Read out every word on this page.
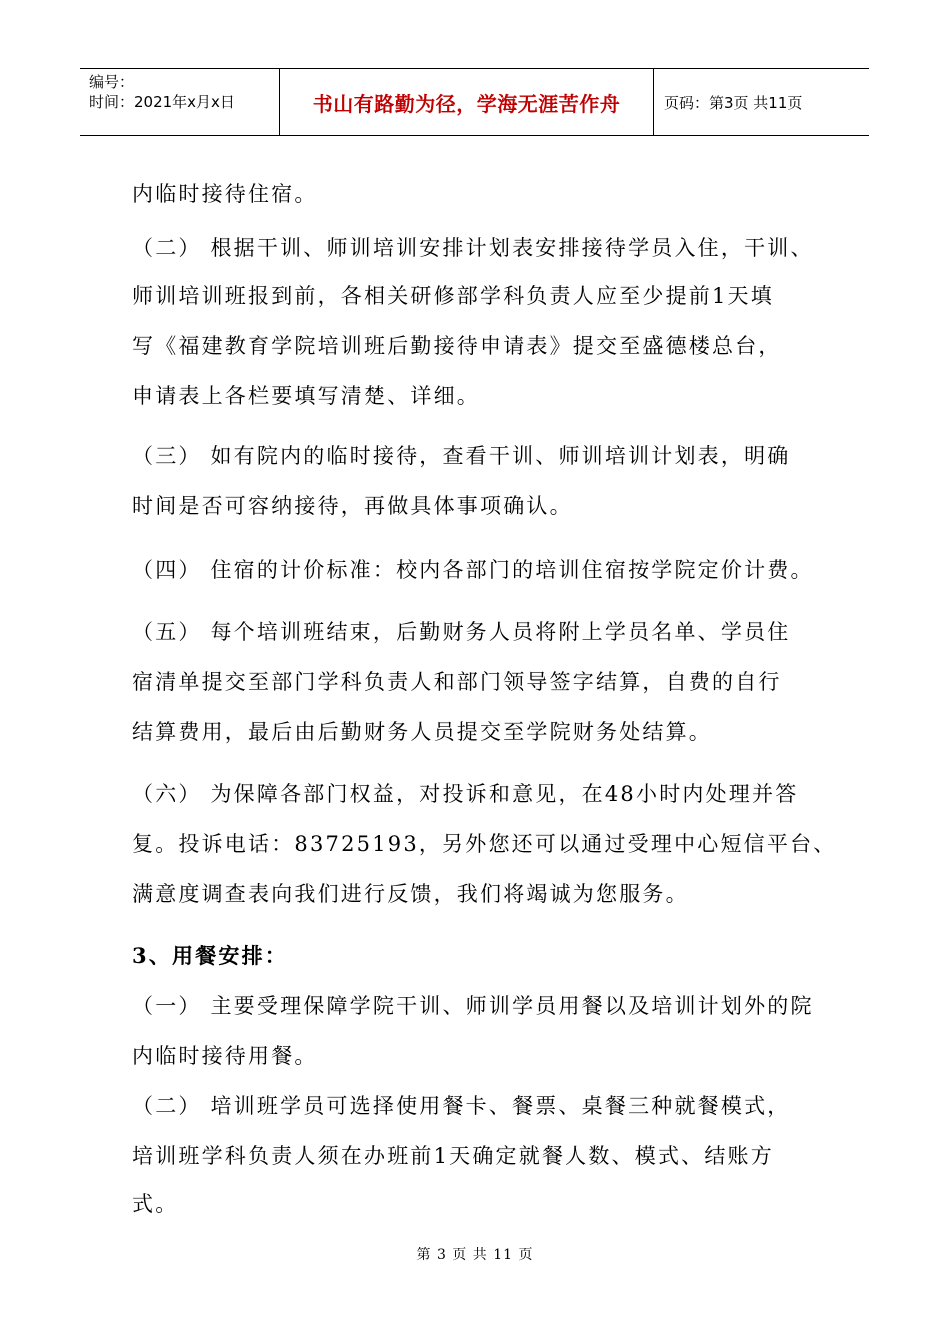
编号：
时间：2021年x月x日	书山有路勤为径，学海无涯苦作舟	页码：第3页 共11页
内临时接待住宿。
（二） 根据干训、师训培训安排计划表安排接待学员入住，干训、
师训培训班报到前，各相关研修部学科负责人应至少提前1天填
写《福建教育学院培训班后勤接待申请表》提交至盛德楼总台，
申请表上各栏要填写清楚、详细。
（三） 如有院内的临时接待，查看干训、师训培训计划表，明确
时间是否可容纳接待，再做具体事项确认。
（四） 住宿的计价标准：校内各部门的培训住宿按学院定价计费。
（五） 每个培训班结束，后勤财务人员将附上学员名单、学员住
宿清单提交至部门学科负责人和部门领导签字结算，自费的自行
结算费用，最后由后勤财务人员提交至学院财务处结算。
（六） 为保障各部门权益，对投诉和意见，在48小时内处理并答
复。投诉电话：83725193，另外您还可以通过受理中心短信平台、
满意度调查表向我们进行反馈，我们将竭诚为您服务。
3、用餐安排：
（一） 主要受理保障学院干训、师训学员用餐以及培训计划外的院
内临时接待用餐。
（二） 培训班学员可选择使用餐卡、餐票、桌餐三种就餐模式，
培训班学科负责人须在办班前1天确定就餐人数、模式、结账方
式。
第 3 页 共 11 页
